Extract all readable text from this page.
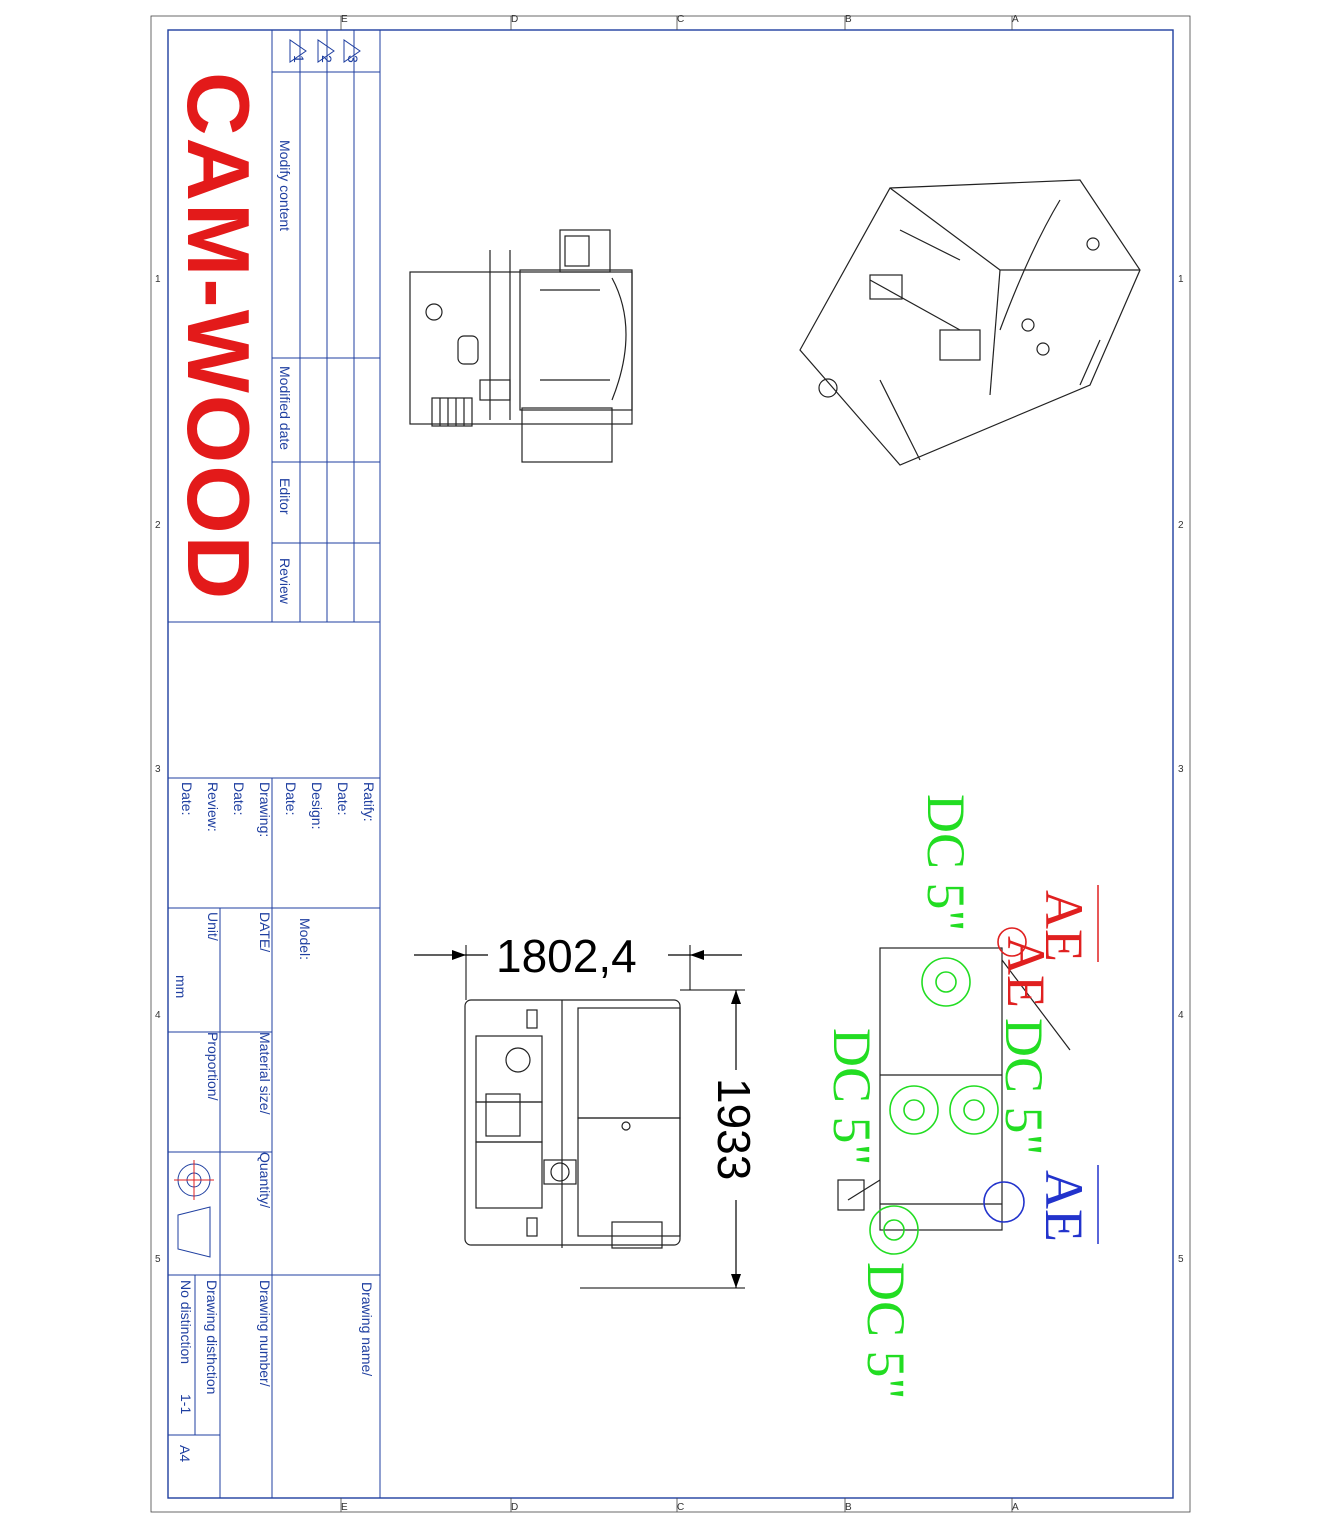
E	D	C	B	A
E	D	C	B	A
1
2
3
4
5
1
2
3
4
5
1 2 3
Modify content
Modified date
Editor
Review
CAM-WOOD
Ratify:
Date:
Design:
Date:
Drawing:
Date:
Review:
Date:
Model:
DATE/
Unit/
mm
Material size/
Proportion/
Quantity/
Drawing name/
Drawing number/
Drawing disthction
No distinction
1-1
A4
1802,4
1933
AE
DC 5"
DC 5"
DC 5"
DC 5"
AE
AE
